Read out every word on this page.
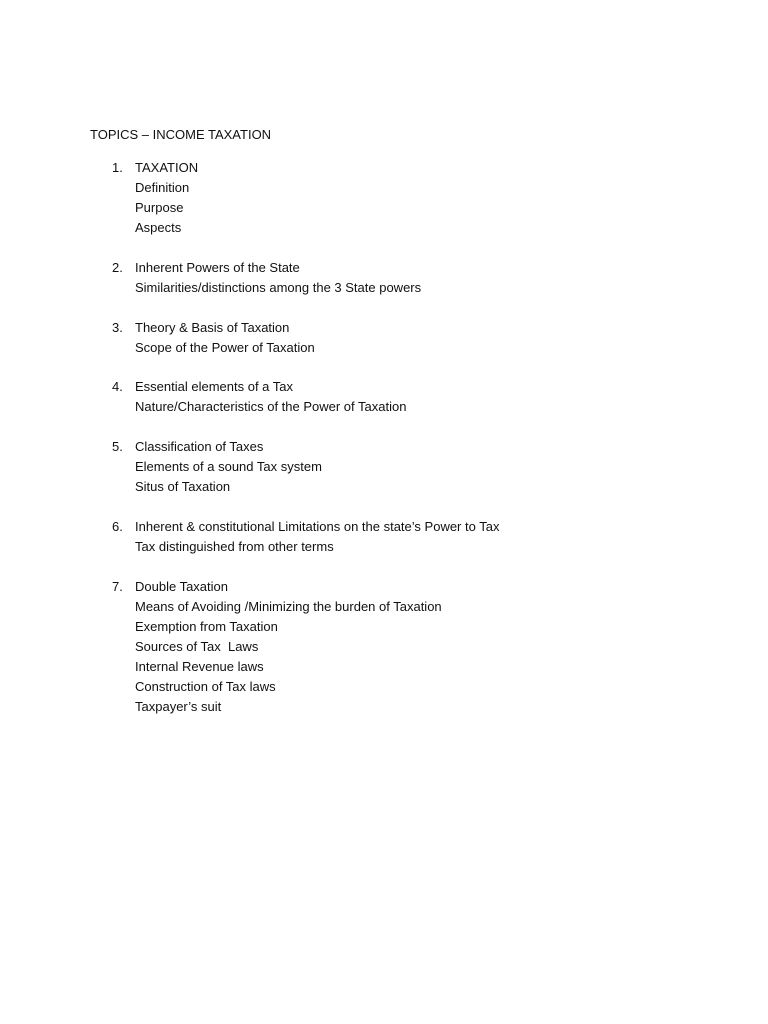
TOPICS – INCOME TAXATION
1. TAXATION
Definition
Purpose
Aspects
2. Inherent Powers of the State
Similarities/distinctions among the 3 State powers
3. Theory & Basis of Taxation
Scope of the Power of Taxation
4. Essential elements of a Tax
Nature/Characteristics of the Power of Taxation
5. Classification of Taxes
Elements of a sound Tax system
Situs of Taxation
6. Inherent & constitutional Limitations on the state’s Power to Tax
Tax distinguished from other terms
7. Double Taxation
Means of Avoiding /Minimizing the burden of Taxation
Exemption from Taxation
Sources of Tax  Laws
Internal Revenue laws
Construction of Tax laws
Taxpayer’s suit
